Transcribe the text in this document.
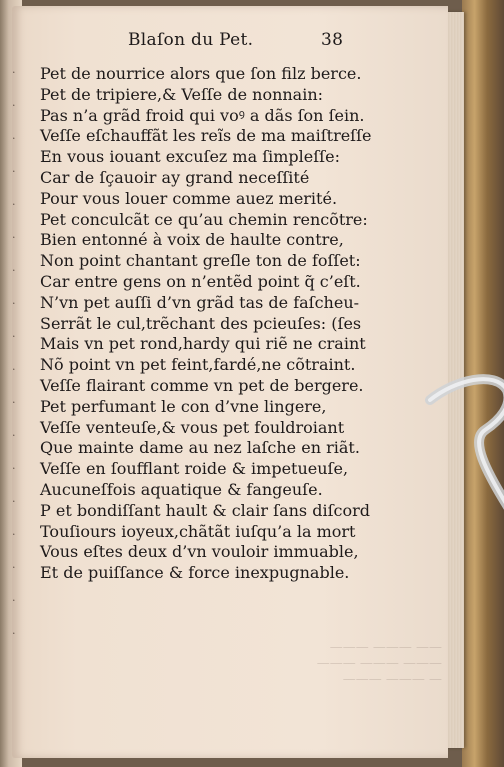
·
·
·
·
·
·
·
·
·
·
·
·
·
·
·
·
·
·
—— ——— ———
——— ——— ———
— ——— ———
Blaſon du Pet.	38
Pet de nourrice alors que ſon filz berce.
Pet de tripiere,& Veſſe de nonnain:
Pas n’a grãd froid qui voꝰ a dãs ſon ſein.
Veſſe eſchauffãt les reĩs de ma maiſtreſſe
En vous iouant excuſez ma ſimpleſſe:
Car de ſçauoir ay grand neceſſité
Pour vous louer comme auez merité.
Pet conculcãt ce qu’au chemin rencõtre:
Bien entonné à voix de haulte contre,
Non point chantant greſle ton de foſſet:
Car entre gens on n’entẽd point q̃ c’eſt.
N’vn pet auſſi d’vn grãd tas de faſcheu-
Serrãt le cul,trẽchant des pcieuſes: (ſes
Mais vn pet rond,hardy qui riẽ ne craint
Nõ point vn pet feint,fardé,ne cõtraint.
Veſſe flairant comme vn pet de bergere.
Pet perfumant le con d’vne lingere,
Veſſe venteuſe,& vous pet fouldroiant
Que mainte dame au nez laſche en riãt.
Veſſe en ſoufflant roide & impetueuſe,
Aucuneſfois aquatique & fangeuſe.
P et bondiſſant hault & clair ſans diſcord
Touſiours ioyeux,chãtãt iuſqu’a la mort
Vous eſtes deux d’vn vouloir immuable,
Et de puiſſance & force inexpugnable.
